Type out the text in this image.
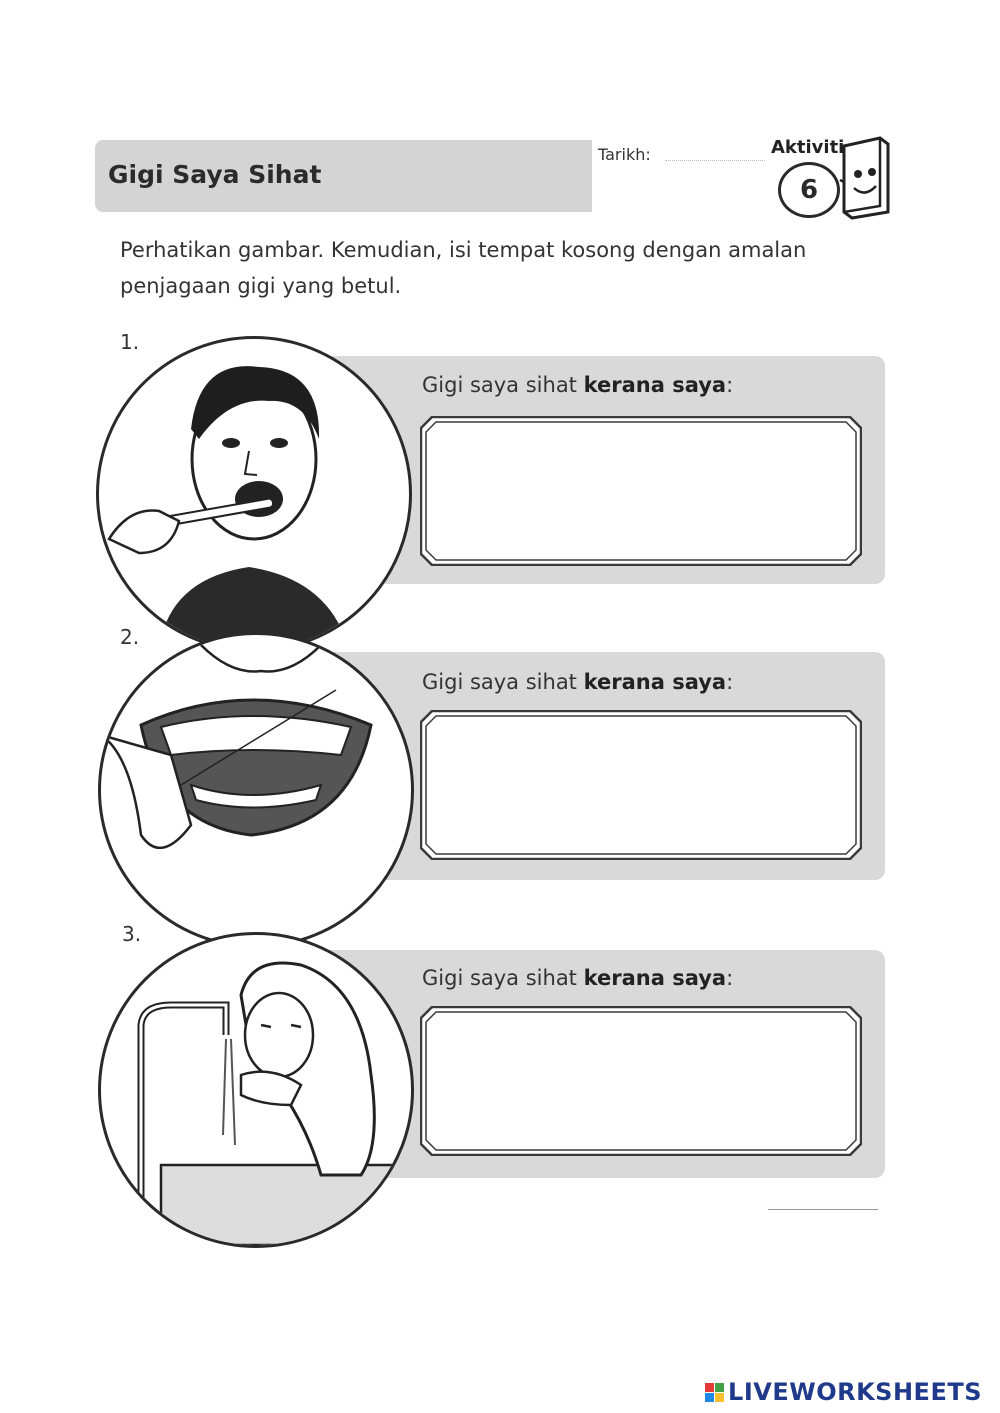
Gigi Saya Sihat
Tarikh:	Aktiviti
6
Perhatikan gambar. Kemudian, isi tempat kosong dengan amalan penjagaan gigi yang betul.
1.
Gigi saya sihat kerana saya:
2.
Gigi saya sihat kerana saya:
3.
Gigi saya sihat kerana saya:
LIVEWORKSHEETS
